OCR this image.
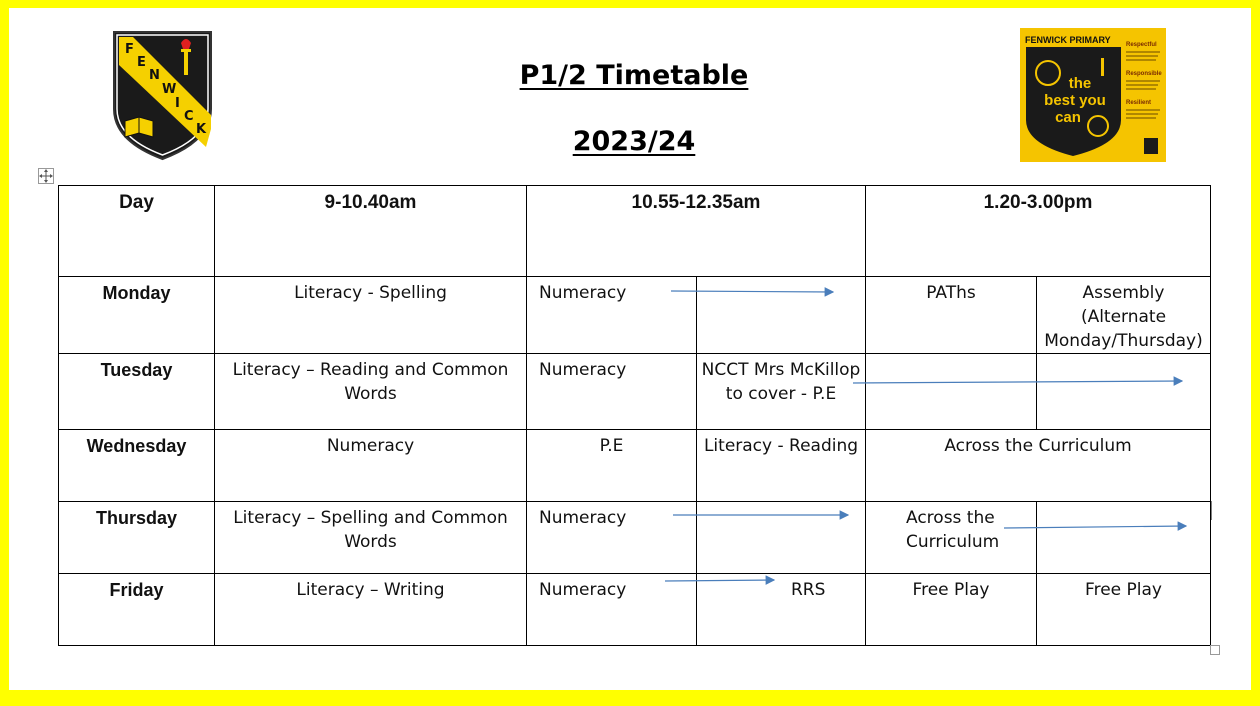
F
E
N
W
I
C
K
FENWICK PRIMARY
the
best you
can
Respectful
Responsible
Resilient
P1/2 Timetable
2023/24
Day	9-10.40am	10.55-12.35am		1.20-3.00pm	
Monday	Literacy - Spelling	Numeracy		PAThs	Assembly (Alternate Monday/Thursday)
Tuesday	Literacy – Reading and Common Words	Numeracy	NCCT Mrs McKillop to cover - P.E		
Wednesday	Numeracy	P.E	Literacy - Reading	Across the Curriculum	
Thursday	Literacy – Spelling and Common Words	Numeracy		Across the Curriculum	
Friday	Literacy – Writing	Numeracy	RRS	Free Play	Free Play
